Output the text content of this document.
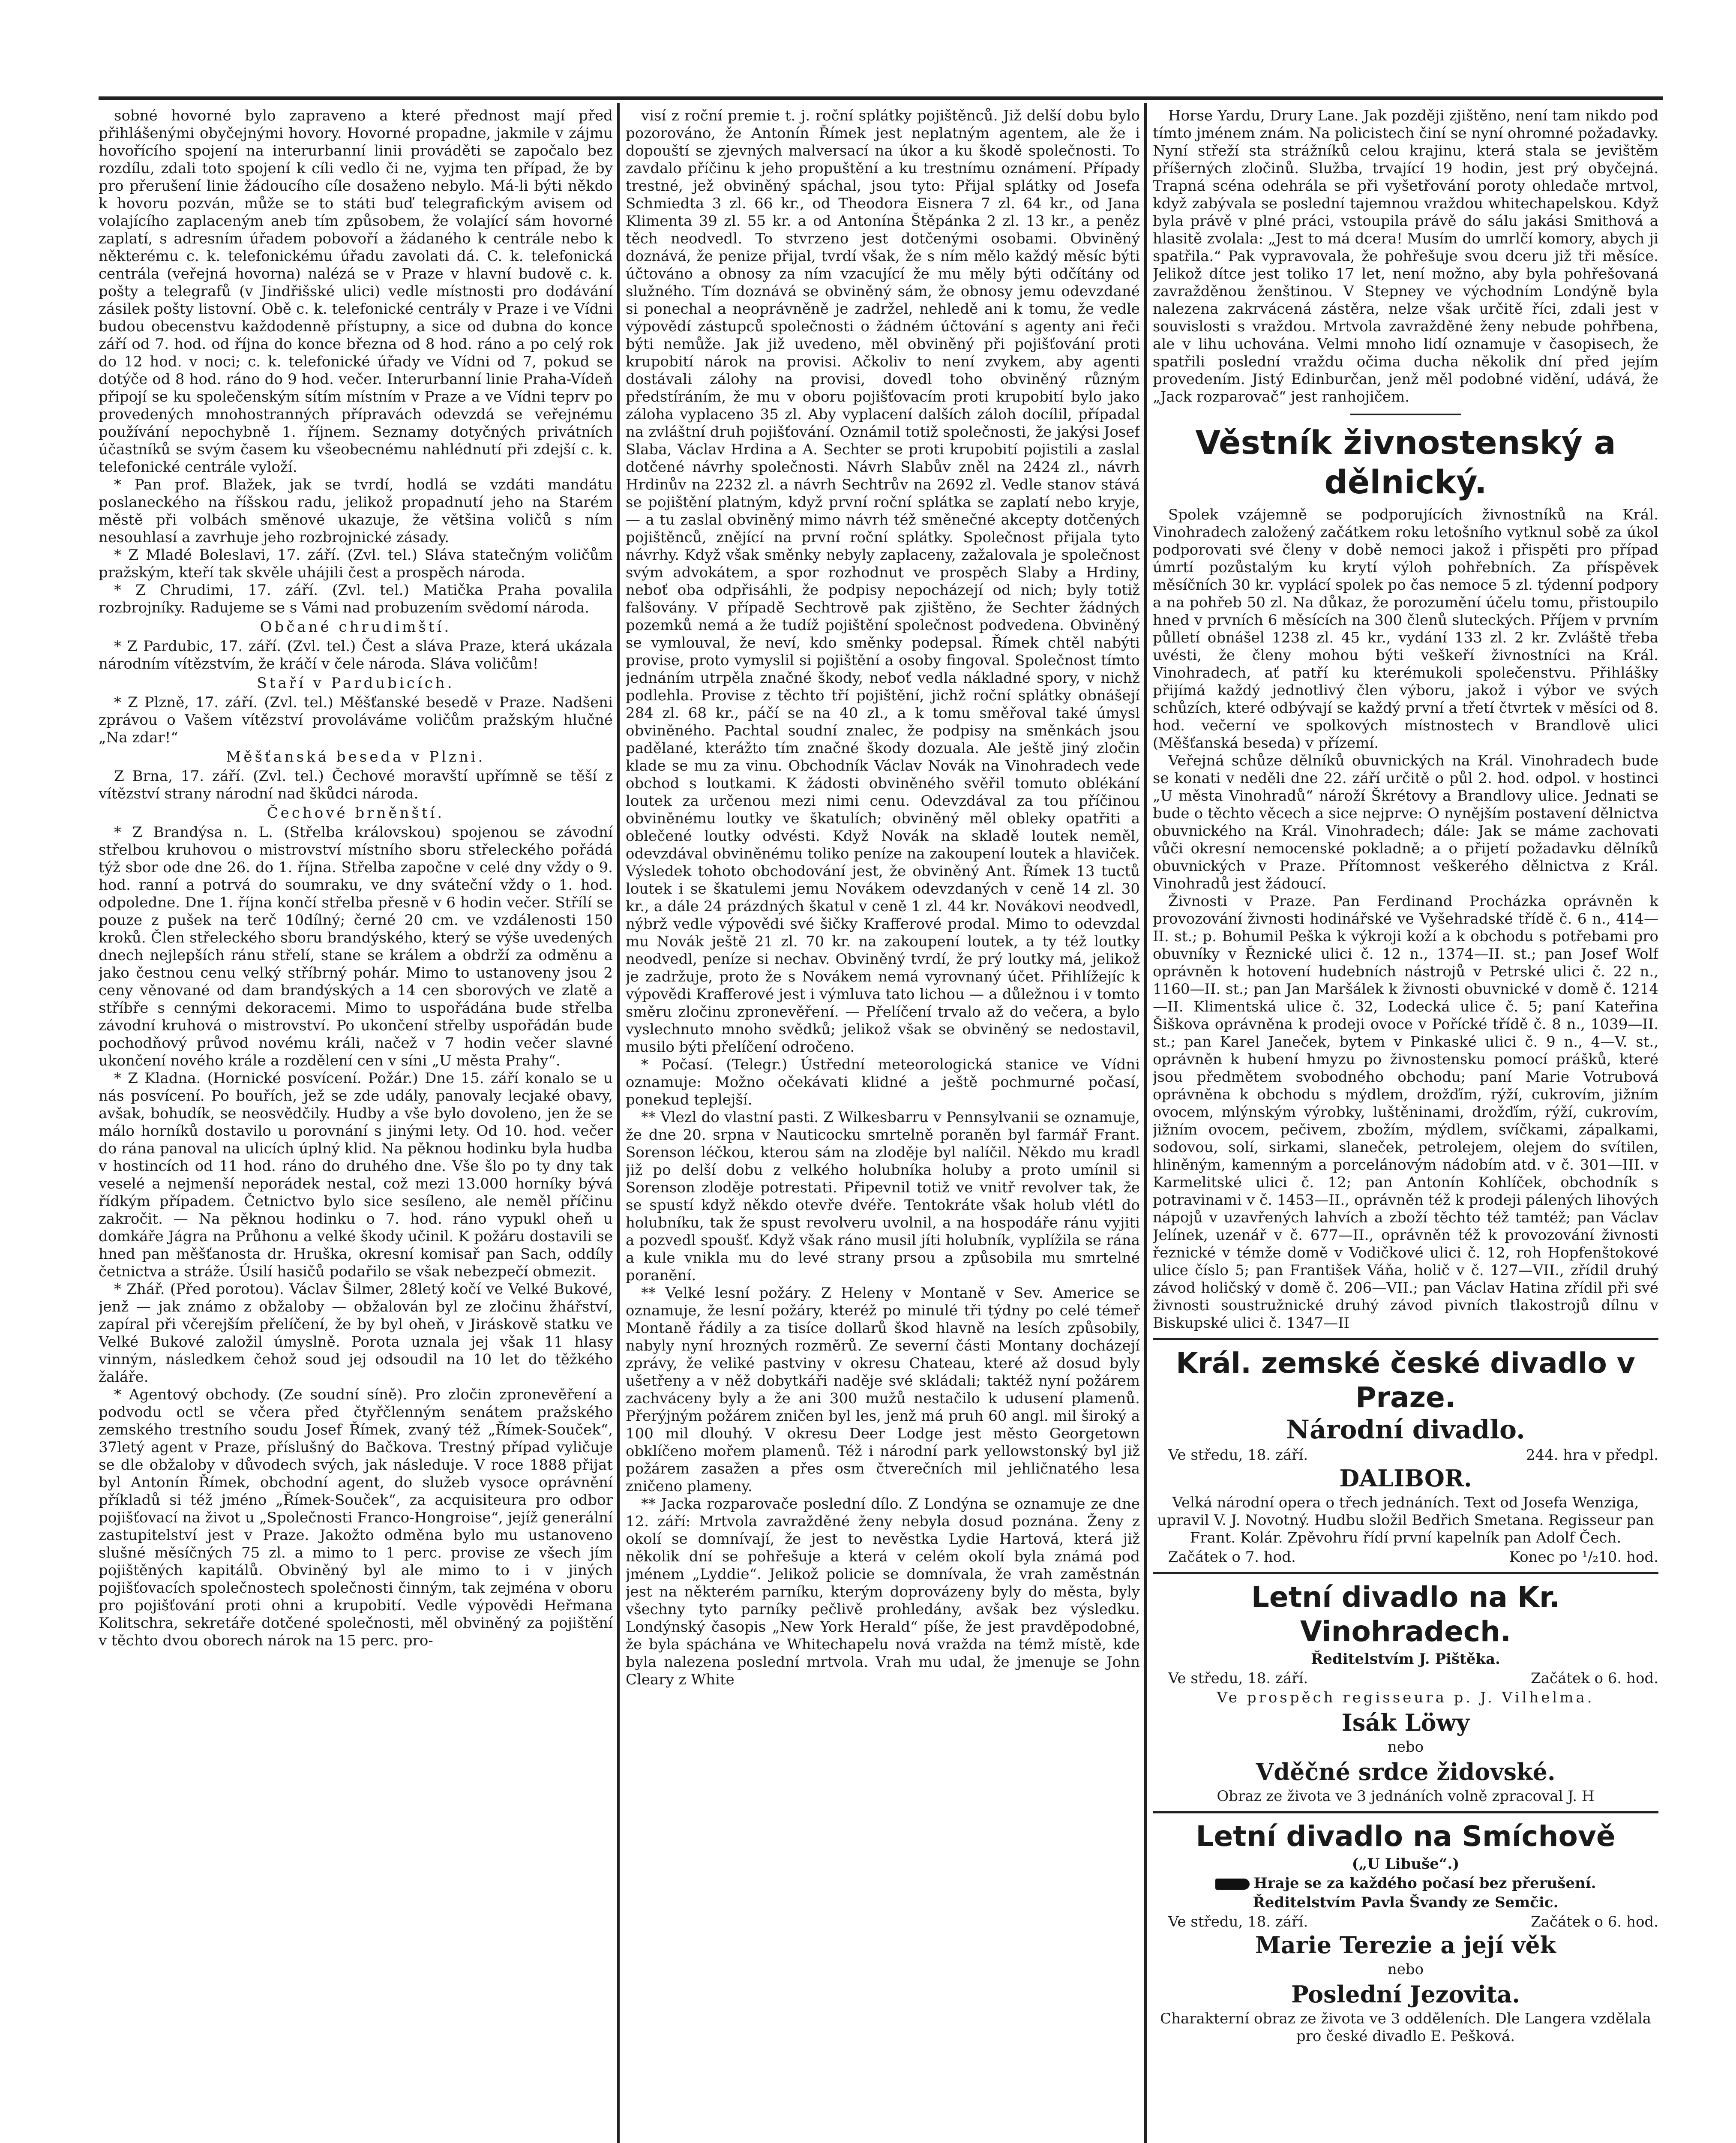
sobné hovorné bylo zapraveno a které přednost mají před přihlášenými obyčejnými hovory. Hovorné propadne, jakmile v zájmu hovořícího spojení na interurbanní linii prováděti se započalo bez rozdílu, zdali toto spojení k cíli vedlo či ne, vyjma ten případ, že by pro přerušení linie žádoucího cíle dosaženo nebylo. Má-li býti někdo k hovoru pozván, může se to státi buď telegrafickým avisem od volajícího zaplaceným aneb tím způsobem, že volající sám hovorné zaplatí, s adresním úřadem pobovoří a žádaného k centrále nebo k některému c. k. telefonickému úřadu zavolati dá. C. k. telefonická centrála (veřejná hovorna) nalézá se v Praze v hlavní budově c. k. pošty a telegrafů (v Jindřišské ulici) vedle místnosti pro dodávání zásilek pošty listovní. Obě c. k. telefonické centrály v Praze i ve Vídni budou obecenstvu každodenně přístupny, a sice od dubna do konce září od 7. hod. od října do konce března od 8 hod. ráno a po celý rok do 12 hod. v noci; c. k. telefonické úřady ve Vídni od 7, pokud se dotýče od 8 hod. ráno do 9 hod. večer. Interurbanní linie Praha-Vídeň připojí se ku společenským sítím místním v Praze a ve Vídni teprv po provedených mnohostranných přípravách odevzdá se veřejnému používání nepochybně 1. říjnem. Seznamy dotyčných privátních účastníků se svým časem ku všeobecnému nahlédnutí při zdejší c. k. telefonické centrále vyloží.

* Pan prof. Blažek, jak se tvrdí, hodlá se vzdáti mandátu poslaneckého na říšskou radu, jelikož propadnutí jeho na Starém městě při volbách směnové ukazuje, že většina voličů s ním nesouhlasí a zavrhuje jeho rozbrojnické zásady.

* Z Mladé Boleslavi, 17. září. (Zvl. tel.) Sláva statečným voličům pražským, kteří tak skvěle uhájili čest a prospěch národa.

* Z Chrudimi, 17. září. (Zvl. tel.) Matička Praha povalila rozbrojníky. Radujeme se s Vámi nad probuzením svědomí národa.

Občané chrudimští.

* Z Pardubic, 17. září. (Zvl. tel.) Čest a sláva Praze, která ukázala národním vítězstvím, že kráčí v čele národa. Sláva voličům!

Staří v Pardubicích.

* Z Plzně, 17. září. (Zvl. tel.) Měšťanské besedě v Praze. Nadšeni zprávou o Vašem vítězství provoláváme voličům pražským hlučné „Na zdar!“

Měšťanská beseda v Plzni.

Z Brna, 17. září. (Zvl. tel.) Čechové moravští upřímně se těší z vítězství strany národní nad škůdci národa.

Čechové brněnští.

* Z Brandýsa n. L. (Střelba královskou) spojenou se závodní střelbou kruhovou o mistrovství místního sboru střeleckého pořádá týž sbor ode dne 26. do 1. října. Střelba započne v celé dny vždy o 9. hod. ranní a potrvá do soumraku, ve dny sváteční vždy o 1. hod. odpoledne. Dne 1. října končí střelba přesně v 6 hodin večer. Střílí se pouze z pušek na terč 10dílný; černé 20 cm. ve vzdálenosti 150 kroků. Člen střeleckého sboru brandýského, který se výše uvedených dnech nejlepších ránu střelí, stane se králem a obdrží za odměnu a jako čestnou cenu velký stříbrný pohár. Mimo to ustanoveny jsou 2 ceny věnované od dam brandýských a 14 cen sborových ve zlatě a stříbře s cennými dekoracemi. Mimo to uspořádána bude střelba závodní kruhová o mistrovství. Po ukončení střelby uspořádán bude pochodňový průvod novému králi, načež v 7 hodin večer slavné ukončení nového krále a rozdělení cen v síni „U města Prahy“.

* Z Kladna. (Hornické posvícení. Požár.) Dne 15. září konalo se u nás posvícení. Po bouřích, jež se zde udály, panovaly lecjaké obavy, avšak, bohudík, se neosvědčily. Hudby a vše bylo dovoleno, jen že se málo horníků dostavilo u porovnání s jinými lety. Od 10. hod. večer do rána panoval na ulicích úplný klid. Na pěknou hodinku byla hudba v hostincích od 11 hod. ráno do druhého dne. Vše šlo po ty dny tak veselé a nejmenší neporádek nestal, což mezi 13.000 horníky bývá řídkým případem. Četnictvo bylo sice sesíleno, ale neměl příčinu zakročit. — Na pěknou hodinku o 7. hod. ráno vypukl oheň u domkáře Jágra na Průhonu a velké škody učinil. K požáru dostavili se hned pan měšťanosta dr. Hruška, okresní komisař pan Sach, oddíly četnictva a stráže. Úsilí hasičů podařilo se však nebezpečí obmezit.

* Zhář. (Před porotou). Václav Šilmer, 28letý kočí ve Velké Bukové, jenž — jak známo z obžaloby — obžalován byl ze zločinu žhářství, zapíral při včerejším přelíčení, že by byl oheň, v Jiráskově statku ve Velké Bukové založil úmyslně. Porota uznala jej však 11 hlasy vinným, následkem čehož soud jej odsoudil na 10 let do těžkého žaláře.

* Agentový obchody. (Ze soudní síně). Pro zločin zpronevěření a podvodu octl se včera před čtyřčlenným senátem pražského zemského trestního soudu Josef Římek, zvaný též „Římek-Souček“, 37letý agent v Praze, příslušný do Bačkova. Trestný případ vyličuje se dle obžaloby v důvodech svých, jak následuje. V roce 1888 přijat byl Antonín Římek, obchodní agent, do služeb vysoce oprávnění příkladů si též jméno „Římek-Souček“, za acquisiteura pro odbor pojišťovací na život u „Společnosti Franco-Hongroise“, jejíž generální zastupitelství jest v Praze. Jakožto odměna bylo mu ustanoveno slušné měsíčných 75 zl. a mimo to 1 perc. provise ze všech jím pojištěných kapitálů. Obviněný byl ale mimo to i v jiných pojišťovacích společnostech společnosti činným, tak zejména v oboru pro pojišťování proti ohni a krupobití. Vedle výpovědi Heřmana Kolitschra, sekretáře dotčené společnosti, měl obviněný za pojištění v těchto dvou oborech nárok na 15 perc. pro-

visí z roční premie t. j. roční splátky pojištěnců. Již delší dobu bylo pozorováno, že Antonín Římek jest neplatným agentem, ale že i dopouští se zjevných malversací na úkor a ku škodě společnosti. To zavdalo příčinu k jeho propuštění a ku trestnímu oznámení. Případy trestné, jež obviněný spáchal, jsou tyto: Přijal splátky od Josefa Schmiedta 3 zl. 66 kr., od Theodora Eisnera 7 zl. 64 kr., od Jana Klimenta 39 zl. 55 kr. a od Antonína Štěpánka 2 zl. 13 kr., a peněz těch neodvedl. To stvrzeno jest dotčenými osobami. Obviněný doznává, že penize přijal, tvrdí však, že s ním mělo každý měsíc býti účtováno a obnosy za ním vzacující že mu měly býti odčítány od služného. Tím doznává se obviněný sám, že obnosy jemu odevzdané si ponechal a neoprávněně je zadržel, nehledě ani k tomu, že vedle výpovědí zástupců společnosti o žádném účtování s agenty ani řeči býti nemůže. Jak již uvedeno, měl obviněný při pojišťování proti krupobití nárok na provisi. Ačkoliv to není zvykem, aby agenti dostávali zálohy na provisi, dovedl toho obviněný různým předstíráním, že mu v oboru pojišťovacím proti krupobití bylo jako záloha vyplaceno 35 zl. Aby vyplacení dalších záloh docílil, případal na zvláštní druh pojišťování. Oznámil totiž společnosti, že jakýsi Josef Slaba, Václav Hrdina a A. Sechter se proti krupobití pojistili a zaslal dotčené návrhy společnosti. Návrh Slabův zněl na 2424 zl., návrh Hrdinův na 2232 zl. a návrh Sechtrův na 2692 zl. Vedle stanov stává se pojištění platným, když první roční splátka se zaplatí nebo kryje, — a tu zaslal obviněný mimo návrh též směnečné akcepty dotčených pojištěnců, znějící na první roční splátky. Společnost přijala tyto návrhy. Když však směnky nebyly zaplaceny, zažalovala je společnost svým advokátem, a spor rozhodnut ve prospěch Slaby a Hrdiny, neboť oba odpřisáhli, že podpisy nepocházejí od nich; byly totiž falšovány. V případě Sechtrově pak zjištěno, že Sechter žádných pozemků nemá a že tudíž pojištění společnost podvedena. Obviněný se vymlouval, že neví, kdo směnky podepsal. Římek chtěl nabýti provise, proto vymyslil si pojištění a osoby fingoval. Společnost tímto jednáním utrpěla značné škody, neboť vedla nákladné spory, v nichž podlehla. Provise z těchto tří pojištění, jichž roční splátky obnášejí 284 zl. 68 kr., páčí se na 40 zl., a k tomu směřoval také úmysl obviněného. Pachtal soudní znalec, že podpisy na směnkách jsou padělané, kterážto tím značné škody dozuala. Ale ještě jiný zločin klade se mu za vinu. Obchodník Václav Novák na Vinohradech vede obchod s loutkami. K žádosti obviněného svěřil tomuto oblékání loutek za určenou mezi nimi cenu. Odevzdával za tou příčinou obviněnému loutky ve škatulích; obviněný měl obleky opatřiti a oblečené loutky odvésti. Když Novák na skladě loutek neměl, odevzdával obviněnému toliko peníze na zakoupení loutek a hlaviček. Výsledek tohoto obchodování jest, že obviněný Ant. Římek 13 tuctů loutek i se škatulemi jemu Novákem odevzdaných v ceně 14 zl. 30 kr., a dále 24 prázdných škatul v ceně 1 zl. 44 kr. Novákovi neodvedl, nýbrž vedle výpovědi své šičky Krafferové prodal. Mimo to odevzdal mu Novák ještě 21 zl. 70 kr. na zakoupení loutek, a ty též loutky neodvedl, peníze si nechav. Obviněný tvrdí, že prý loutky má, jelikož je zadržuje, proto že s Novákem nemá vyrovnaný účet. Přihlížejíc k výpovědi Krafferové jest i výmluva tato lichou — a důležnou i v tomto směru zločinu zpronevěření. — Přelíčení trvalo až do večera, a bylo vyslechnuto mnoho svědků; jelikož však se obviněný se nedostavil, musilo býti přelíčení odročeno.

* Počasí. (Telegr.) Ústřední meteorologická stanice ve Vídni oznamuje: Možno očekávati klidné a ještě pochmurné počasí, ponekud teplejší.

** Vlezl do vlastní pasti. Z Wilkesbarru v Pennsylvanii se oznamuje, že dne 20. srpna v Nauticocku smrtelně poraněn byl farmář Frant. Sorenson léčkou, kterou sám na zloděje byl nalíčil. Někdo mu kradl již po delší dobu z velkého holubníka holuby a proto umínil si Sorenson zloděje potrestati. Připevnil totiž ve vnitř revolver tak, že se spustí když někdo otevře dvéře. Tentokráte však holub vlétl do holubníku, tak že spust revolveru uvolnil, a na hospodáře ránu vyjiti a pozvedl spoušť. Když však ráno musil jíti holubník, vyplížila se rána a kule vnikla mu do levé strany prsou a způsobila mu smrtelné poranění.

** Velké lesní požáry. Z Heleny v Montaně v Sev. Americe se oznamuje, že lesní požáry, kteréž po minulé tři týdny po celé témeř Montaně řádily a za tisíce dollarů škod hlavně na lesích způsobily, nabyly nyní hrozných rozměrů. Ze severní části Montany docházejí zprávy, že veliké pastviny v okresu Chateau, které až dosud byly ušetřeny a v něž dobytkáři naděje své skládali; taktéž nyní požárem zachváceny byly a že ani 300 mužů nestačilo k udusení plamenů. Přerýjným požárem zničen byl les, jenž má pruh 60 angl. mil široký a 100 mil dlouhý. V okresu Deer Lodge jest město Georgetown obklíčeno mořem plamenů. Též i národní park yellowstonský byl již požárem zasažen a přes osm čtverečních mil jehličnatého lesa zničeno plameny.

** Jacka rozparovače poslední dílo. Z Londýna se oznamuje ze dne 12. září: Mrtvola zavražděné ženy nebyla dosud poznána. Ženy z okolí se domnívají, že jest to nevěstka Lydie Hartová, která již několik dní se pohřešuje a která v celém okolí byla známá pod jménem „Lyddie“. Jelikož policie se domnívala, že vrah zaměstnán jest na některém parníku, kterým doprovázeny byly do města, byly všechny tyto parníky pečlivě prohledány, avšak bez výsledku. Londýnský časopis „New York Herald“ píše, že jest pravděpodobné, že byla spáchána ve Whitechapelu nová vražda na témž místě, kde byla nalezena poslední mrtvola. Vrah mu udal, že jmenuje se John Cleary z White

Horse Yardu, Drury Lane. Jak později zjištěno, není tam nikdo pod tímto jménem znám. Na policistech činí se nyní ohromné požadavky. Nyní střeží sta strážníků celou krajinu, která stala se jevištěm příšerných zločinů. Služba, trvající 19 hodin, jest prý obyčejná. Trapná scéna odehrála se při vyšetřování poroty ohledače mrtvol, když zabývala se poslední tajemnou vraždou whitechapelskou. Když byla právě v plné práci, vstoupila právě do sálu jakási Smithová a hlasitě zvolala: „Jest to má dcera! Musím do umrlčí komory, abych ji spatřila.“ Pak vypravovala, že pohřešuje svou dceru již tři měsíce. Jelikož dítce jest toliko 17 let, není možno, aby byla pohřešovaná zavražděnou ženštinou. V Stepney ve východním Londýně byla nalezena zakrvácená zástěra, nelze však určitě říci, zdali jest v souvislosti s vraždou. Mrtvola zavražděné ženy nebude pohřbena, ale v lihu uchována. Velmi mnoho lidí oznamuje v časopisech, že spatřili poslední vraždu očima ducha několik dní před jejím provedením. Jistý Edinburčan, jenž měl podobné vidění, udává, že „Jack rozparovač“ jest ranhojičem.

Věstník živnostenský a dělnický.

Spolek vzájemně se podporujících živnostníků na Král. Vinohradech založený začátkem roku letošního vytknul sobě za úkol podporovati své členy v době nemoci jakož i přispěti pro případ úmrtí pozůstalým ku krytí výloh pohřebních. Za příspěvek měsíčních 30 kr. vyplácí spolek po čas nemoce 5 zl. týdenní podpory a na pohřeb 50 zl. Na důkaz, že porozumění účelu tomu, přistoupilo hned v prvních 6 měsících na 300 členů sluteckých. Příjem v prvním půlletí obnášel 1238 zl. 45 kr., vydání 133 zl. 2 kr. Zvláště třeba uvésti, že členy mohou býti veškeří živnostníci na Král. Vinohradech, ať patří ku kterémukoli společenstvu. Přihlášky přijímá každý jednotlivý člen výboru, jakož i výbor ve svých schůzích, které odbývají se každý první a třetí čtvrtek v měsíci od 8. hod. večerní ve spolkových místnostech v Brandlově ulici (Měšťanská beseda) v přízemí.

Veřejná schůze dělníků obuvnických na Král. Vinohradech bude se konati v neděli dne 22. září určitě o půl 2. hod. odpol. v hostinci „U města Vinohradů“ nároží Škrétovy a Brandlovy ulice. Jednati se bude o těchto věcech a sice nejprve: O nynějším postavení dělnictva obuvnického na Král. Vinohradech; dále: Jak se máme zachovati vůči okresní nemocenské pokladně; a o přijetí požadavku dělníků obuvnických v Praze. Přítomnost veškerého dělnictva z Král. Vinohradů jest žádoucí.

Živnosti v Praze. Pan Ferdinand Procházka oprávněn k provozování živnosti hodinářské ve Vyšehradské třídě č. 6 n., 414—II. st.; p. Bohumil Peška k výkroji koží a k obchodu s potřebami pro obuvníky v Řeznické ulici č. 12 n., 1374—II. st.; pan Josef Wolf oprávněn k hotovení hudebních nástrojů v Petrské ulici č. 22 n., 1160—II. st.; pan Jan Maršálek k živnosti obuvnické v domě č. 1214—II. Klimentská ulice č. 32, Lodecká ulice č. 5; paní Kateřina Šiškova oprávněna k prodeji ovoce v Pořícké třídě č. 8 n., 1039—II. st.; pan Karel Janeček, bytem v Pinkaské ulici č. 9 n., 4—V. st., oprávněn k hubení hmyzu po živnostensku pomocí prášků, které jsou předmětem svobodného obchodu; paní Marie Votrubová oprávněna k obchodu s mýdlem, drožďím, rýží, cukrovím, jižním ovocem, mlýnským výrobky, luštěninami, drožďím, rýží, cukrovím, jižním ovocem, pečivem, zbožím, mýdlem, svíčkami, zápalkami, sodovou, solí, sirkami, slaneček, petrolejem, olejem do svítilen, hliněným, kamenným a porcelánovým nádobím atd. v č. 301—III. v Karmelitské ulici č. 12; pan Antonín Kohlíček, obchodník s potravinami v č. 1453—II., oprávněn též k prodeji pálených lihových nápojů v uzavřených lahvích a zboží těchto též tamtéž; pan Václav Jelínek, uzenář v č. 677—II., oprávněn též k provozování živnosti řeznické v témže domě v Vodičkové ulici č. 12, roh Hopfenštokové ulice číslo 5; pan František Váňa, holič v č. 127—VII., zřídil druhý závod holičský v domě č. 206—VII.; pan Václav Hatina zřídil při své živnosti soustružnické druhý závod pivních tlakostrojů dílnu v Biskupské ulici č. 1347—II

Král. zemské české divadlo v Praze.
Národní divadlo.

Ve středu, 18. září.	244. hra v předpl.

DALIBOR.

Velká národní opera o třech jednáních. Text od Josefa Wenziga, upravil V. J. Novotný. Hudbu složil Bedřich Smetana. Regisseur pan Frant. Kolár. Zpěvohru řídí první kapelník pan Adolf Čech.

Začátek o 7. hod.	Konec po ¹/₂10. hod.

Letní divadlo na Kr. Vinohradech.

Ředitelstvím J. Pištěka.

Ve středu, 18. září.	Začátek o 6. hod.

Ve prospěch regisseura p. J. Vilhelma.

Isák Löwy

nebo

Vděčné srdce židovské.

Obraz ze života ve 3 jednáních volně zpracoval J. H

Letní divadlo na Smíchově

(„U Libuše“.)

Hraje se za každého počasí bez přerušení.

Ředitelstvím Pavla Švandy ze Semčic.

Ve středu, 18. září.	Začátek o 6. hod.

Marie Terezie a její věk

nebo

Poslední Jezovita.

Charakterní obraz ze života ve 3 odděleních. Dle Langera vzdělala pro české divadlo E. Pešková.
